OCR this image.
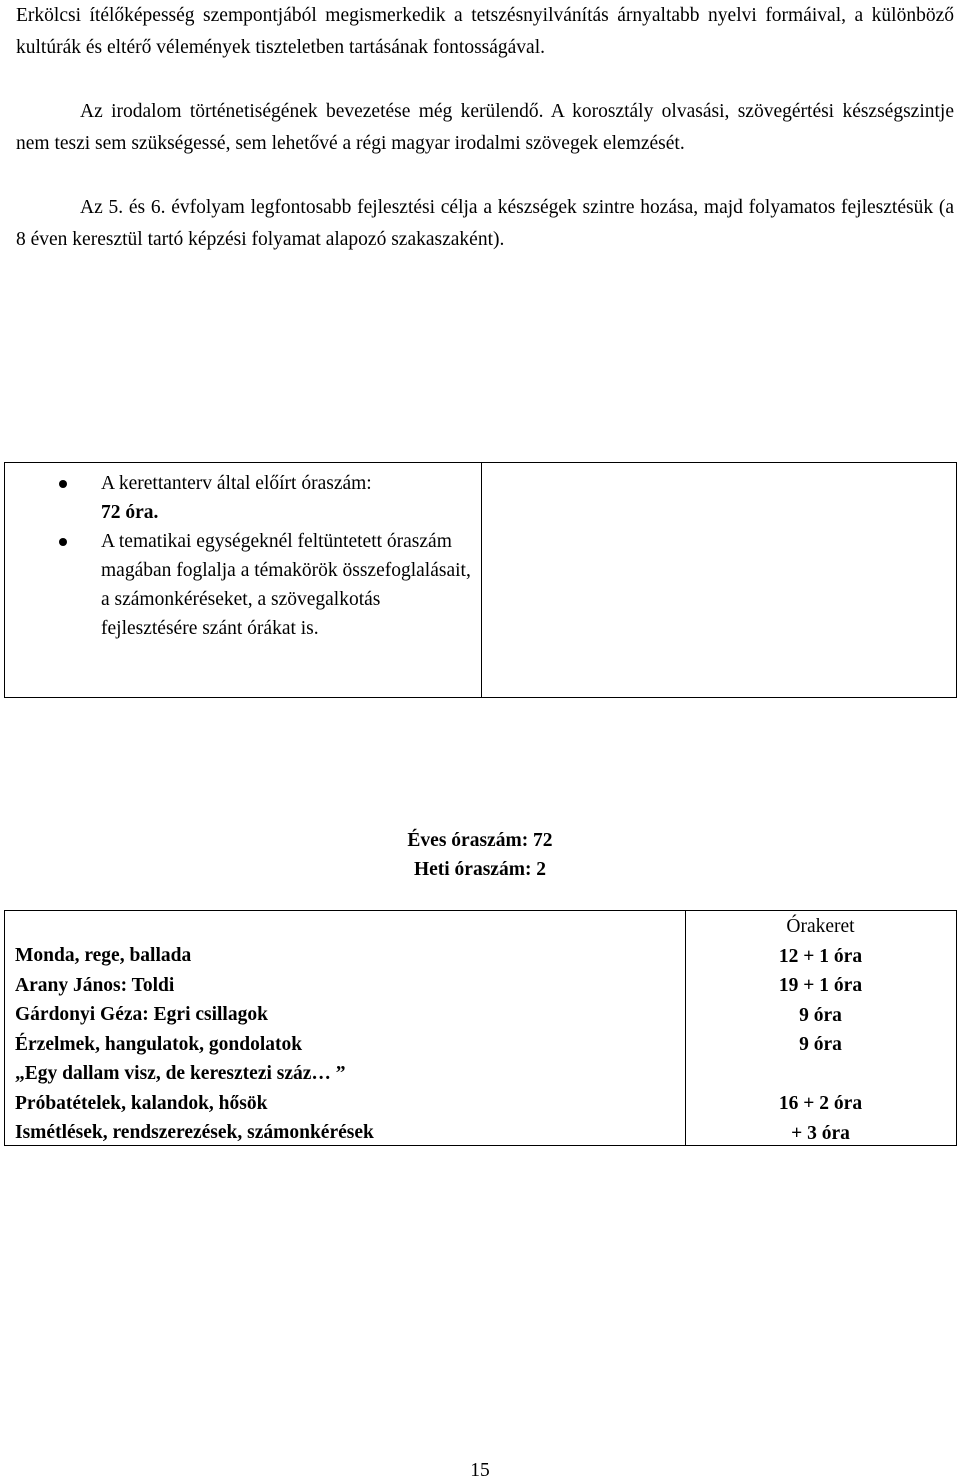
Erkölcsi ítélőképesség szempontjából megismerkedik a tetszésnyilvánítás árnyaltabb nyelvi formáival, a különböző kultúrák és eltérő vélemények tiszteletben tartásának fontosságával.

Az irodalom történetiségének bevezetése még kerülendő. A korosztály olvasási, szövegértési készségszintje nem teszi sem szükségessé, sem lehetővé a régi magyar irodalmi szövegek elemzését.

Az 5. és 6. évfolyam legfontosabb fejlesztési célja a készségek szintre hozása, majd folyamatos fejlesztésük (a 8 éven keresztül tartó képzési folyamat alapozó szakaszaként).

A kerettanterv által előírt óraszám:
72 óra.
A tematikai egységeknél feltüntetett óraszám magában foglalja a témakörök összefoglalásait, a számonkéréseket, a szövegalkotás fejlesztésére szánt órákat is.
Éves óraszám: 72
Heti óraszám: 2
Monda, rege, ballada
Arany János: Toldi
Gárdonyi Géza: Egri csillagok
Érzelmek, hangulatok, gondolatok
„Egy dallam visz, de keresztezi száz… ”
Próbatételek, kalandok, hősök
Ismétlések, rendszerezések, számonkérések
Órakeret
12 + 1 óra
19 + 1 óra
9 óra
9 óra
16 + 2 óra
+ 3 óra
15
